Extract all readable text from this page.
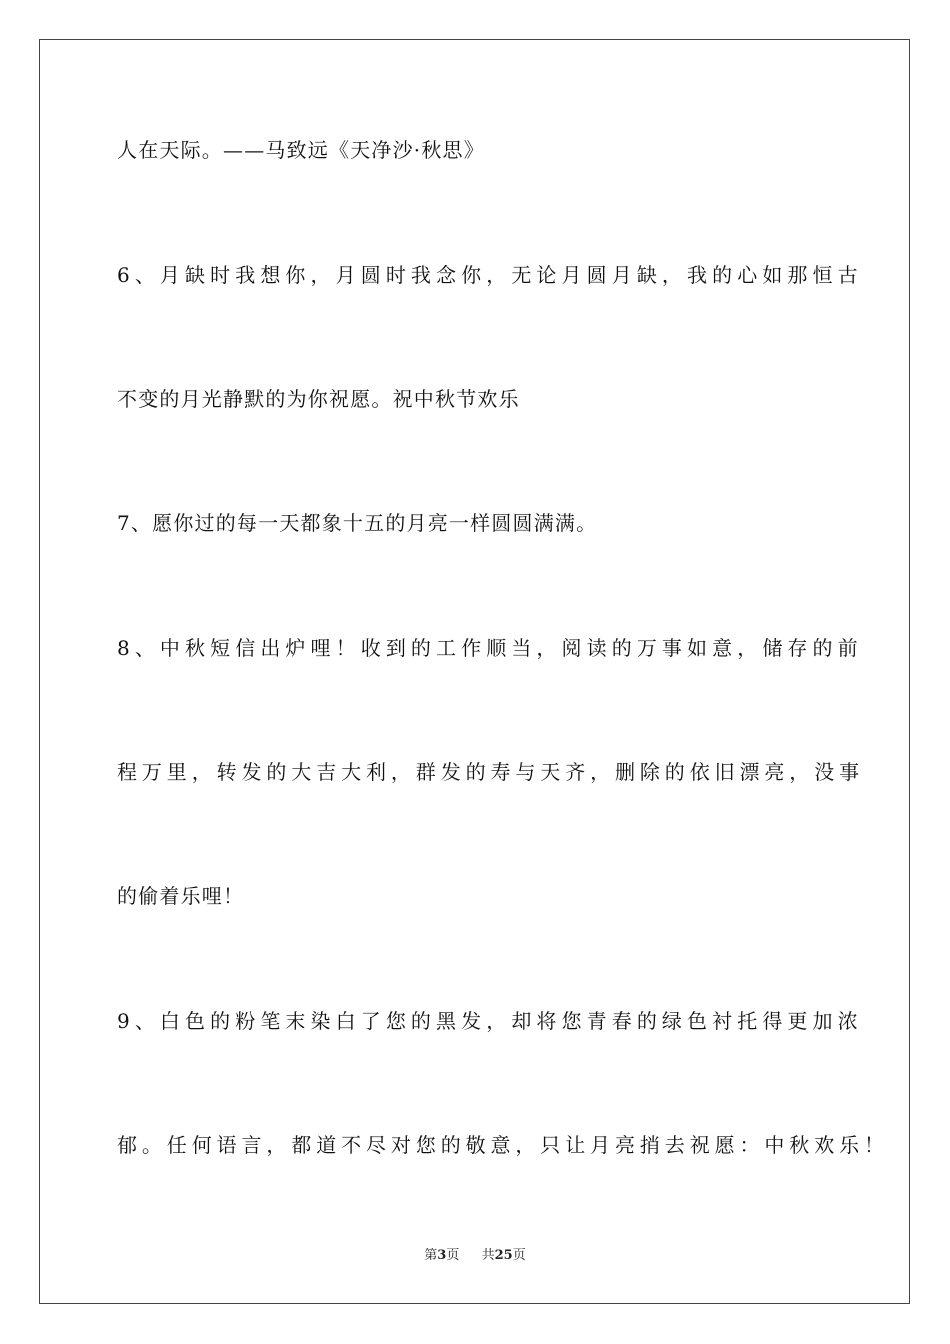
人在天际。——马致远《天净沙·秋思》
6、月缺时我想你，月圆时我念你，无论月圆月缺，我的心如那恒古
不变的月光静默的为你祝愿。祝中秋节欢乐
7、愿你过的每一天都象十五的月亮一样圆圆满满。
8、中秋短信出炉哩！收到的工作顺当，阅读的万事如意，储存的前
程万里，转发的大吉大利，群发的寿与天齐，删除的依旧漂亮，没事
的偷着乐哩！
9、白色的粉笔末染白了您的黑发，却将您青春的绿色衬托得更加浓
郁。任何语言，都道不尽对您的敬意，只让月亮捎去祝愿：中秋欢乐！
第3页 共25页
